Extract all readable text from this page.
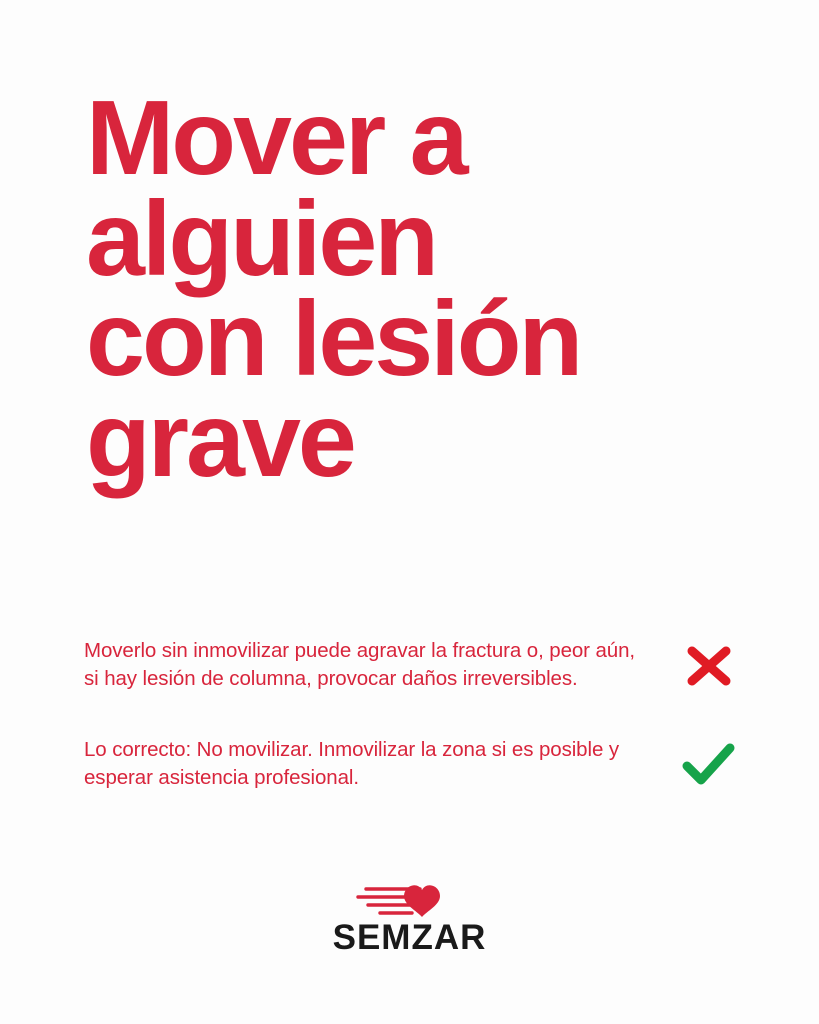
Mover a
alguien
con lesión
grave
Moverlo sin inmovilizar puede agravar la fractura o, peor aún, si hay lesión de columna, provocar daños irreversibles.
Lo correcto: No movilizar. Inmovilizar la zona si es posible y esperar asistencia profesional.
SEMZAR
